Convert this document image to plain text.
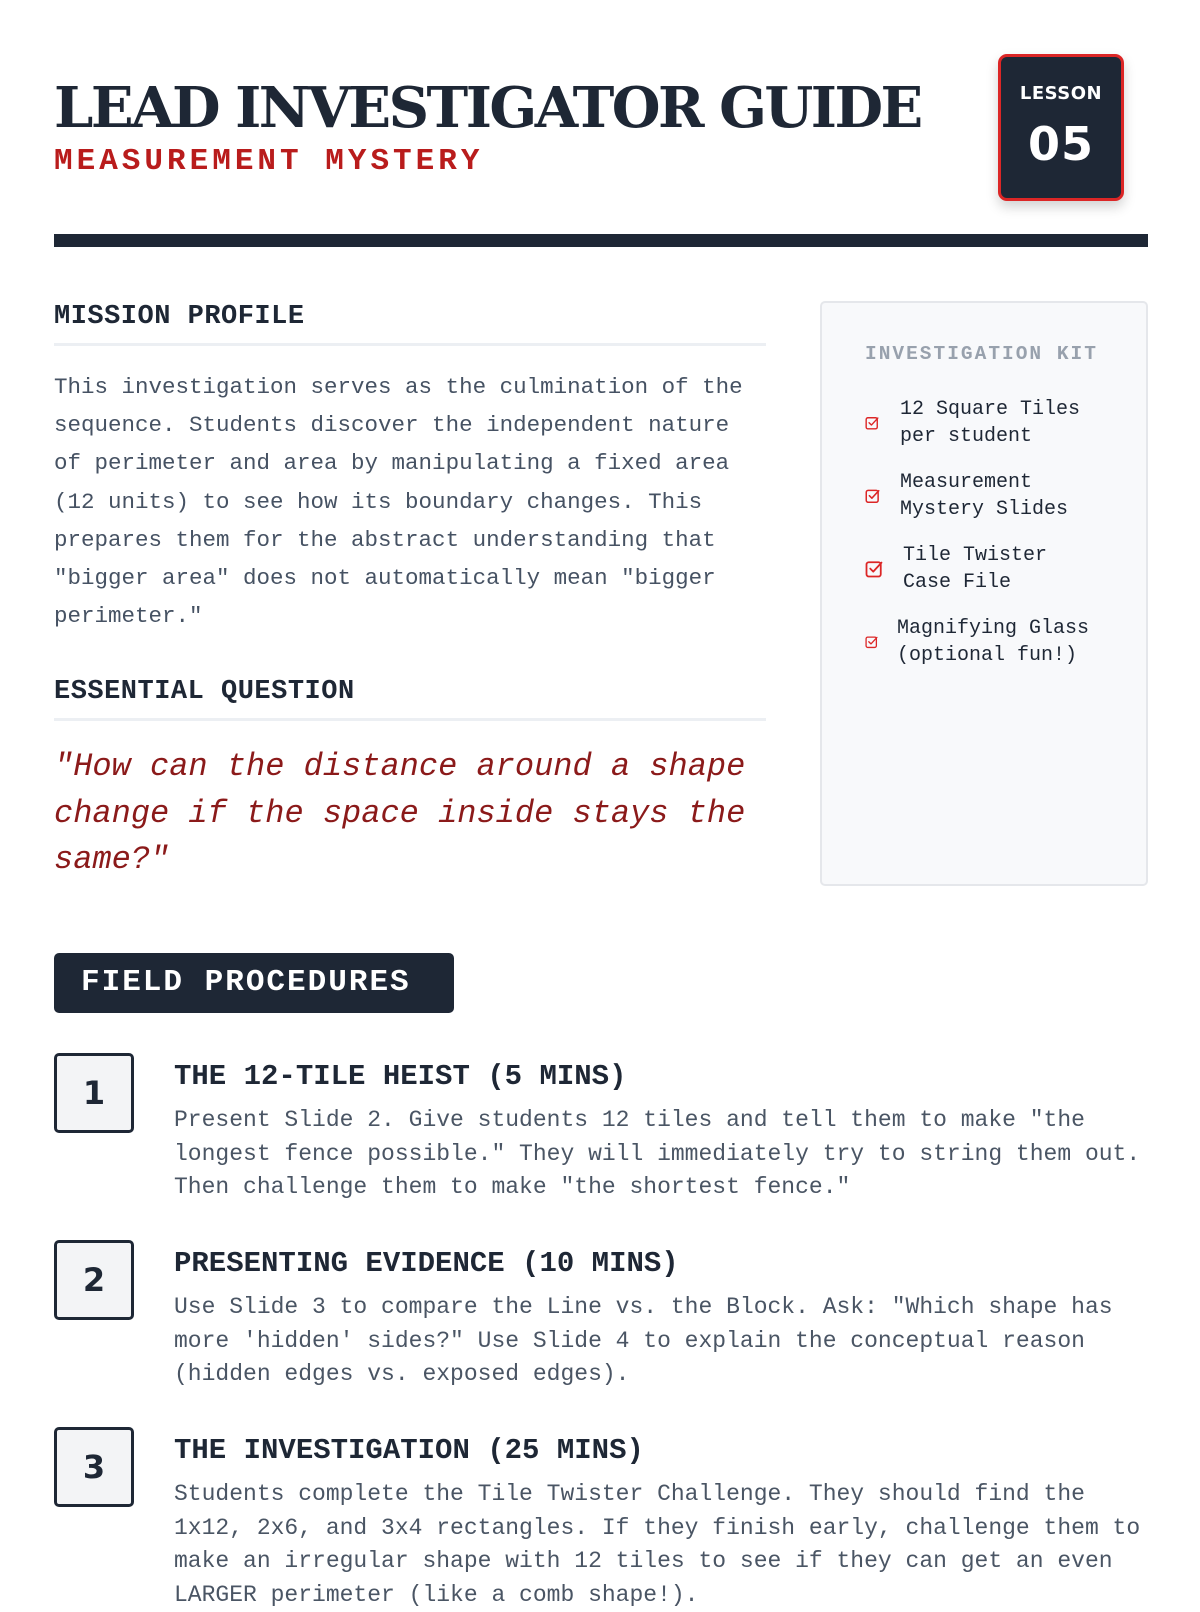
LEAD INVESTIGATOR GUIDE
MEASUREMENT MYSTERY
LESSON
05
MISSION PROFILE

This investigation serves as the culmination of the sequence. Students discover the independent nature of perimeter and area by manipulating a fixed area (12 units) to see how its boundary changes. This prepares them for the abstract understanding that "bigger area" does not automatically mean "bigger perimeter."

ESSENTIAL QUESTION

"How can the distance around a shape change if the space inside stays the same?"

INVESTIGATION KIT
12 Square Tiles
per student
Measurement
Mystery Slides
Tile Twister
Case File
Magnifying Glass
(optional fun!)
FIELD PROCEDURES
1	THE 12-TILE HEIST (5 MINS)

Present Slide 2. Give students 12 tiles and tell them to make "the longest fence possible." They will immediately try to string them out. Then challenge them to make "the shortest fence."

2	PRESENTING EVIDENCE (10 MINS)

Use Slide 3 to compare the Line vs. the Block. Ask: "Which shape has more 'hidden' sides?" Use Slide 4 to explain the conceptual reason (hidden edges vs. exposed edges).

3	THE INVESTIGATION (25 MINS)

Students complete the Tile Twister Challenge. They should find the 1x12, 2x6, and 3x4 rectangles. If they finish early, challenge them to make an irregular shape with 12 tiles to see if they can get an even LARGER perimeter (like a comb shape!).
